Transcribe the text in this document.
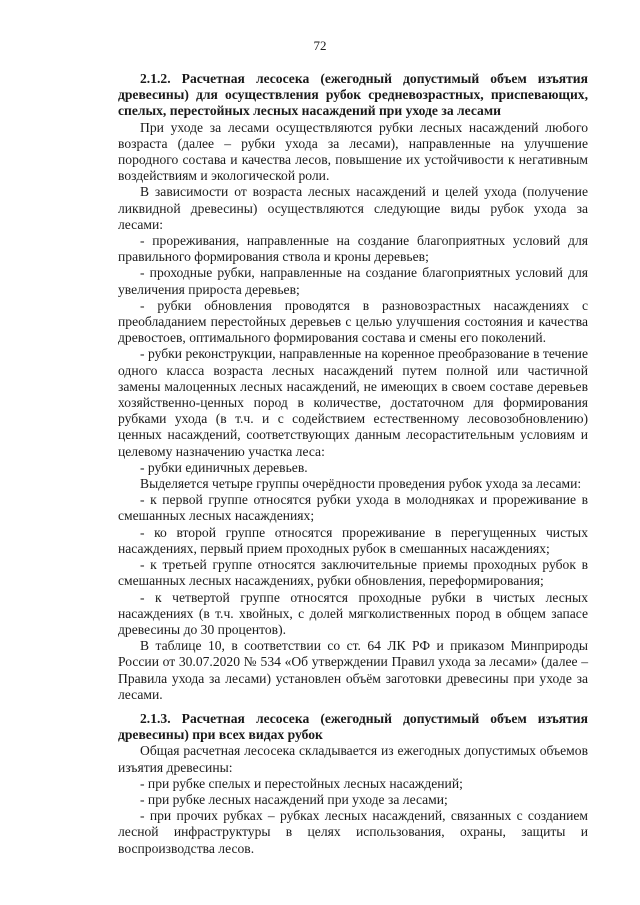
72

2.1.2. Расчетная лесосека (ежегодный допустимый объем изъятия древесины) для осуществления рубок средневозрастных, приспевающих, спелых, перестойных лесных насаждений при уходе за лесами

При уходе за лесами осуществляются рубки лесных насаждений любого возраста (далее – рубки ухода за лесами), направленные на улучшение породного состава и качества лесов, повышение их устойчивости к негативным воздействиям и экологической роли.

В зависимости от возраста лесных насаждений и целей ухода (получение ликвидной древесины) осуществляются следующие виды рубок ухода за лесами:

- прореживания, направленные на создание благоприятных условий для правильного формирования ствола и кроны деревьев;

- проходные рубки, направленные на создание благоприятных условий для увеличения прироста деревьев;

- рубки обновления проводятся в разновозрастных насаждениях с преобладанием перестойных деревьев с целью улучшения состояния и качества древостоев, оптимального формирования состава и смены его поколений.

- рубки реконструкции, направленные на коренное преобразование в течение одного класса возраста лесных насаждений путем полной или частичной замены малоценных лесных насаждений, не имеющих в своем составе деревьев хозяйственно-ценных пород в количестве, достаточном для формирования рубками ухода (в т.ч. и с содействием естественному лесовозобновлению) ценных насаждений, соответствующих данным лесорастительным условиям и целевому назначению участка леса:

- рубки единичных деревьев.

Выделяется четыре группы очерёдности проведения рубок ухода за лесами:

- к первой группе относятся рубки ухода в молодняках и прореживание в смешанных лесных насаждениях;

- ко второй группе относятся прореживание в перегущенных чистых насаждениях, первый прием проходных рубок в смешанных насаждениях;

- к третьей группе относятся заключительные приемы проходных рубок в смешанных лесных насаждениях, рубки обновления, переформирования;

- к четвертой группе относятся проходные рубки в чистых лесных насаждениях (в т.ч. хвойных, с долей мягколиственных пород в общем запасе древесины до 30 процентов).

В таблице 10, в соответствии со ст. 64 ЛК РФ и приказом Минприроды России от 30.07.2020 № 534 «Об утверждении Правил ухода за лесами» (далее – Правила ухода за лесами) установлен объём заготовки древесины при уходе за лесами.

2.1.3. Расчетная лесосека (ежегодный допустимый объем изъятия древесины) при всех видах рубок

Общая расчетная лесосека складывается из ежегодных допустимых объемов изъятия древесины:

- при рубке спелых и перестойных лесных насаждений;

- при рубке лесных насаждений при уходе за лесами;

- при прочих рубках – рубках лесных насаждений, связанных с созданием лесной инфраструктуры в целях использования, охраны, защиты и воспроизводства лесов.
